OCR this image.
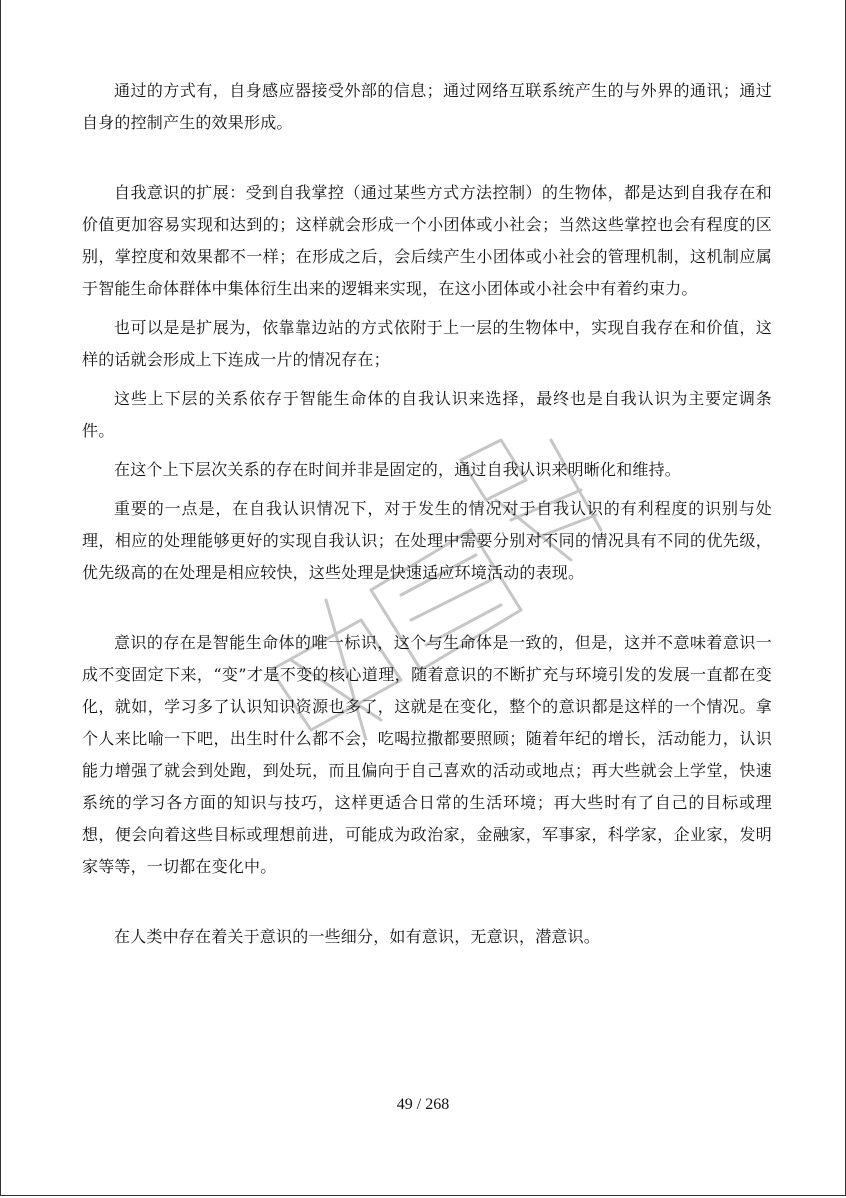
通过的方式有，自身感应器接受外部的信息；通过网络互联系统产生的与外界的通讯；通过自身的控制产生的效果形成。

自我意识的扩展：受到自我掌控（通过某些方式方法控制）的生物体，都是达到自我存在和价值更加容易实现和达到的；这样就会形成一个小团体或小社会；当然这些掌控也会有程度的区别，掌控度和效果都不一样；在形成之后，会后续产生小团体或小社会的管理机制，这机制应属于智能生命体群体中集体衍生出来的逻辑来实现，在这小团体或小社会中有着约束力。

也可以是是扩展为，依靠靠边站的方式依附于上一层的生物体中，实现自我存在和价值，这样的话就会形成上下连成一片的情况存在；

这些上下层的关系依存于智能生命体的自我认识来选择，最终也是自我认识为主要定调条件。

在这个上下层次关系的存在时间并非是固定的，通过自我认识来明晰化和维持。

重要的一点是，在自我认识情况下，对于发生的情况对于自我认识的有利程度的识别与处理，相应的处理能够更好的实现自我认识；在处理中需要分别对不同的情况具有不同的优先级，优先级高的在处理是相应较快，这些处理是快速适应环境活动的表现。

意识的存在是智能生命体的唯一标识，这个与生命体是一致的，但是，这并不意味着意识一成不变固定下来，“变”才是不变的核心道理，随着意识的不断扩充与环境引发的发展一直都在变化，就如，学习多了认识知识资源也多了，这就是在变化，整个的意识都是这样的一个情况。拿个人来比喻一下吧，出生时什么都不会，吃喝拉撒都要照顾；随着年纪的增长，活动能力，认识能力增强了就会到处跑，到处玩，而且偏向于自己喜欢的活动或地点；再大些就会上学堂，快速系统的学习各方面的知识与技巧，这样更适合日常的生活环境；再大些时有了自己的目标或理想，便会向着这些目标或理想前进，可能成为政治家，金融家，军事家，科学家，企业家，发明家等等，一切都在变化中。

在人类中存在着关于意识的一些细分，如有意识，无意识，潜意识。

49 / 268
